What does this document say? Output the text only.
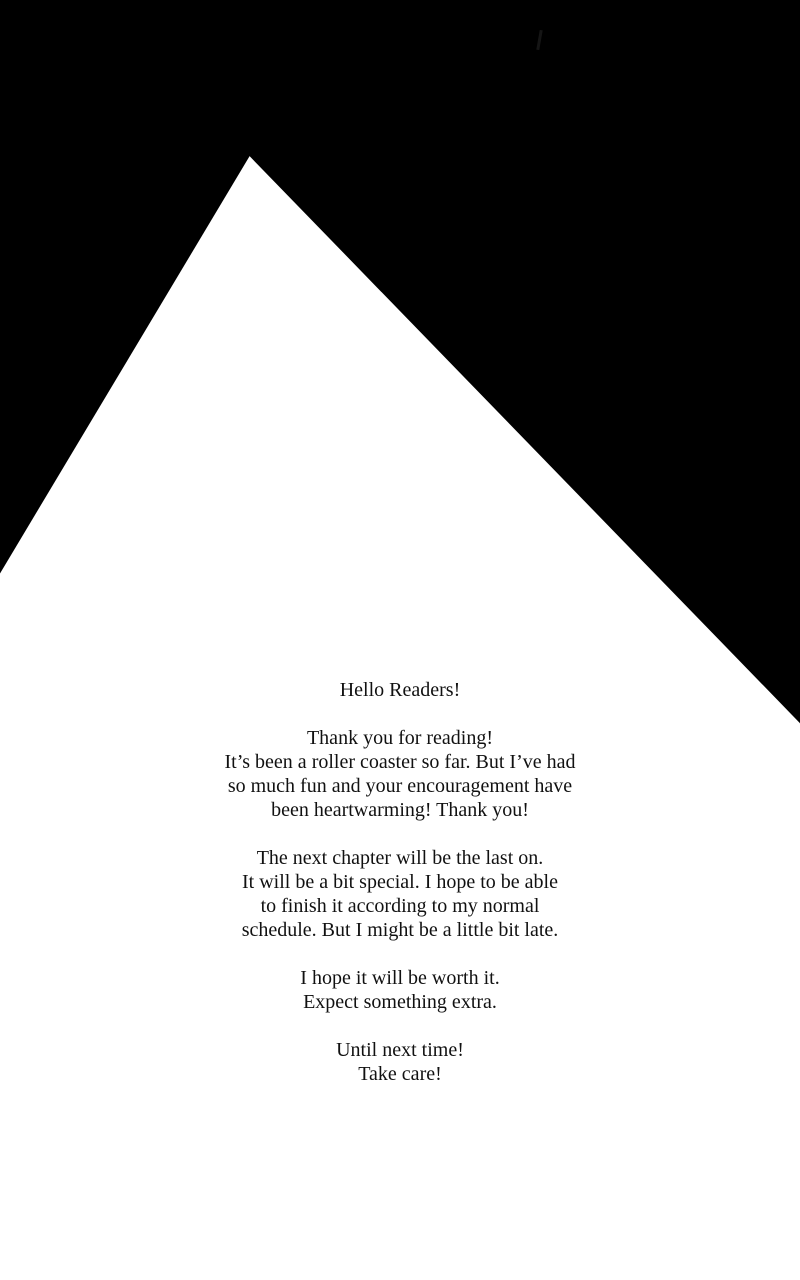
Hello Readers!

Thank you for reading!
It’s been a roller coaster so far. But I’ve had
so much fun and your encouragement have
been heartwarming! Thank you!

The next chapter will be the last on.
It will be a bit special. I hope to be able
to finish it according to my normal
schedule. But I might be a little bit late.

I hope it will be worth it.
Expect something extra.

Until next time!
Take care!
